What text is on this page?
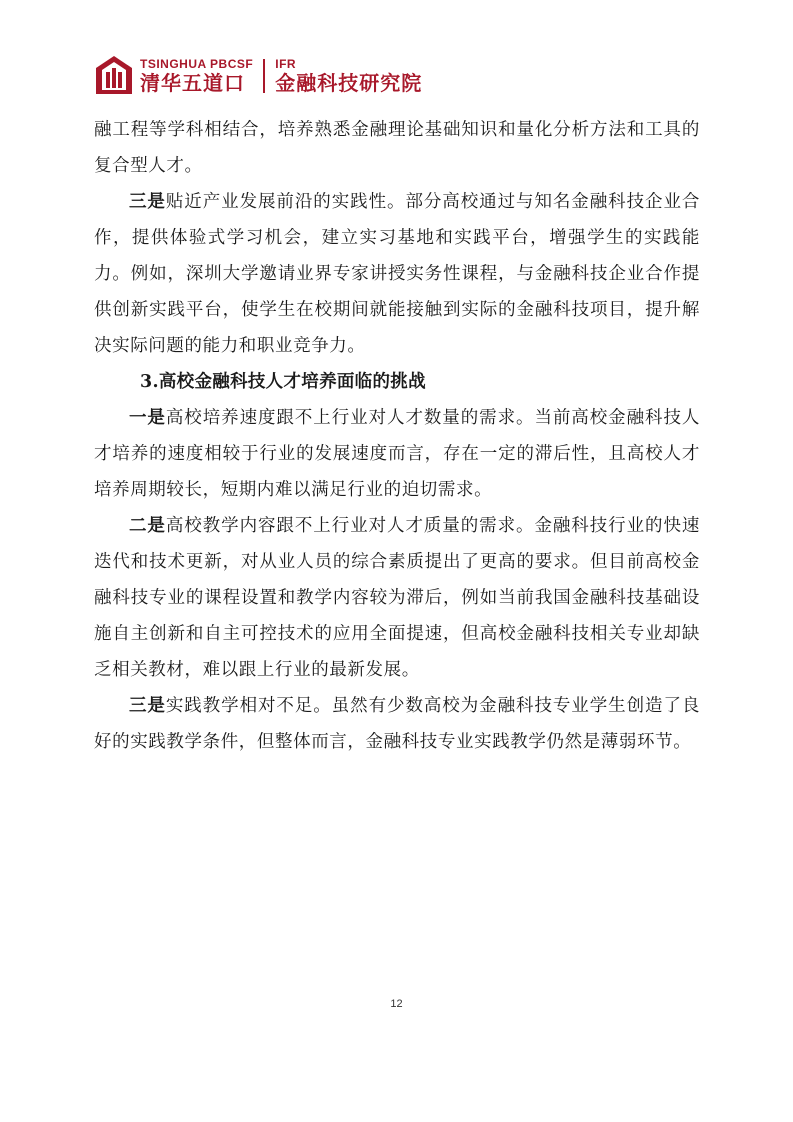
TSINGHUA PBCSF
清华五道口
IFR
金融科技研究院

融工程等学科相结合，培养熟悉金融理论基础知识和量化分析方法和工具的复合型人才。

三是贴近产业发展前沿的实践性。部分高校通过与知名金融科技企业合作，提供体验式学习机会，建立实习基地和实践平台，增强学生的实践能力。例如，深圳大学邀请业界专家讲授实务性课程，与金融科技企业合作提供创新实践平台，使学生在校期间就能接触到实际的金融科技项目，提升解决实际问题的能力和职业竞争力。

3.高校金融科技人才培养面临的挑战

一是高校培养速度跟不上行业对人才数量的需求。当前高校金融科技人才培养的速度相较于行业的发展速度而言，存在一定的滞后性，且高校人才培养周期较长，短期内难以满足行业的迫切需求。

二是高校教学内容跟不上行业对人才质量的需求。金融科技行业的快速迭代和技术更新，对从业人员的综合素质提出了更高的要求。但目前高校金融科技专业的课程设置和教学内容较为滞后，例如当前我国金融科技基础设施自主创新和自主可控技术的应用全面提速，但高校金融科技相关专业却缺乏相关教材，难以跟上行业的最新发展。

三是实践教学相对不足。虽然有少数高校为金融科技专业学生创造了良好的实践教学条件，但整体而言，金融科技专业实践教学仍然是薄弱环节。

12
